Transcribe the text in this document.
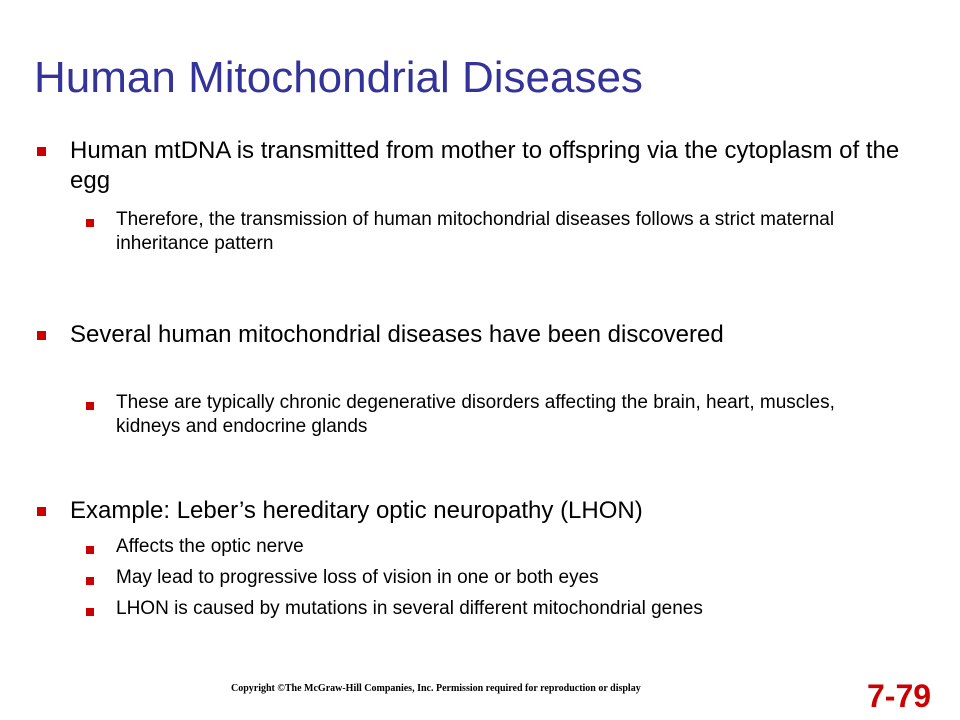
Human Mitochondrial Diseases
Human mtDNA is transmitted from mother to offspring via the cytoplasm of the egg
Therefore, the transmission of human mitochondrial diseases follows a strict maternal inheritance pattern
Several human mitochondrial diseases have been discovered
These are typically chronic degenerative disorders affecting the brain, heart, muscles, kidneys and endocrine glands
Example: Leber’s hereditary optic neuropathy (LHON)
Affects the optic nerve
May lead to progressive loss of vision in one or both eyes
LHON is caused by mutations in several different mitochondrial genes
Copyright ©The McGraw-Hill Companies, Inc. Permission required for reproduction or display	7-79
